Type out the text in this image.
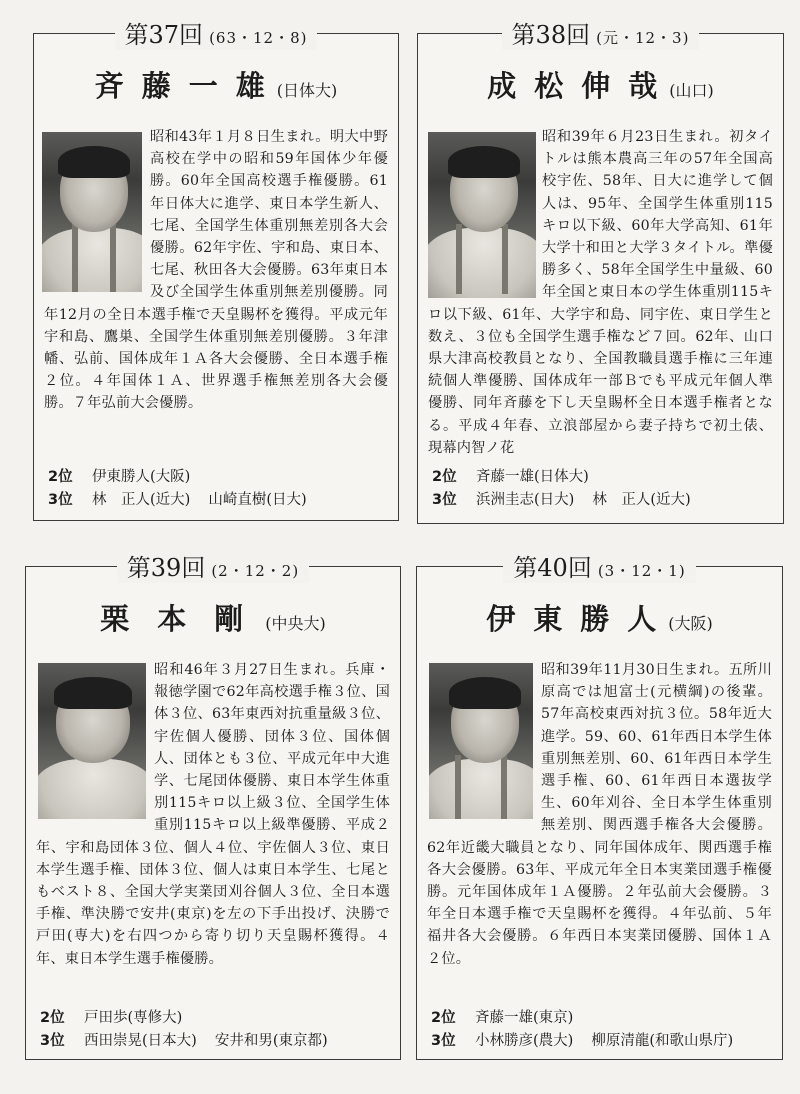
第37回 (63・12・8)
斉藤一雄(日体大)
昭和43年１月８日生まれ。明大中野高校在学中の昭和59年国体少年優勝。60年全国高校選手権優勝。61年日体大に進学、東日本学生新人、七尾、全国学生体重別無差別各大会優勝。62年宇佐、宇和島、東日本、七尾、秋田各大会優勝。63年東日本及び全国学生体重別無差別優勝。同年12月の全日本選手権で天皇賜杯を獲得。平成元年宇和島、鷹巣、全国学生体重別無差別優勝。３年津幡、弘前、国体成年１Ａ各大会優勝、全日本選手権２位。４年国体１Ａ、世界選手権無差別各大会優勝。７年弘前大会優勝。
2位 伊東勝人(大阪)
3位 林　正人(近大) 山崎直樹(日大)
第38回 (元・12・3)
成松伸哉(山口)
昭和39年６月23日生まれ。初タイトルは熊本農高三年の57年全国高校宇佐、58年、日大に進学して個人は、95年、全国学生体重別115キロ以下級、60年大学高知、61年大学十和田と大学３タイトル。準優勝多く、58年全国学生中量級、60年全国と東日本の学生体重別115キロ以下級、61年、大学宇和島、同宇佐、東日学生と数え、３位も全国学生選手権など７回。62年、山口県大津高校教員となり、全国教職員選手権に三年連続個人準優勝、国体成年一部Ｂでも平成元年個人準優勝、同年斉藤を下し天皇賜杯全日本選手権者となる。平成４年春、立浪部屋から妻子持ちで初土俵、現幕内智ノ花
2位 斉藤一雄(日体大)
3位 浜洲圭志(日大) 林　正人(近大)
第39回 (2・12・2)
栗本剛(中央大)
昭和46年３月27日生まれ。兵庫・報徳学園で62年高校選手権３位、国体３位、63年東西対抗重量級３位、宇佐個人優勝、団体３位、国体個人、団体とも３位、平成元年中大進学、七尾団体優勝、東日本学生体重別115キロ以上級３位、全国学生体重別115キロ以上級準優勝、平成２年、宇和島団体３位、個人４位、宇佐個人３位、東日本学生選手権、団体３位、個人は東日本学生、七尾ともベスト８、全国大学実業団刈谷個人３位、全日本選手権、準決勝で安井(東京)を左の下手出投げ、決勝で戸田(専大)を右四つから寄り切り天皇賜杯獲得。４年、東日本学生選手権優勝。
2位 戸田歩(専修大)
3位 西田崇晃(日本大) 安井和男(東京都)
第40回 (3・12・1)
伊東勝人(大阪)
昭和39年11月30日生まれ。五所川原高では旭富士(元横綱)の後輩。57年高校東西対抗３位。58年近大進学。59、60、61年西日本学生体重別無差別、60、61年西日本学生選手権、60、61年西日本選抜学生、60年刈谷、全日本学生体重別無差別、関西選手権各大会優勝。62年近畿大職員となり、同年国体成年、関西選手権各大会優勝。63年、平成元年全日本実業団選手権優勝。元年国体成年１Ａ優勝。２年弘前大会優勝。３年全日本選手権で天皇賜杯を獲得。４年弘前、５年福井各大会優勝。６年西日本実業団優勝、国体１Ａ２位。
2位 斉藤一雄(東京)
3位 小林勝彦(農大) 柳原清龍(和歌山県庁)
